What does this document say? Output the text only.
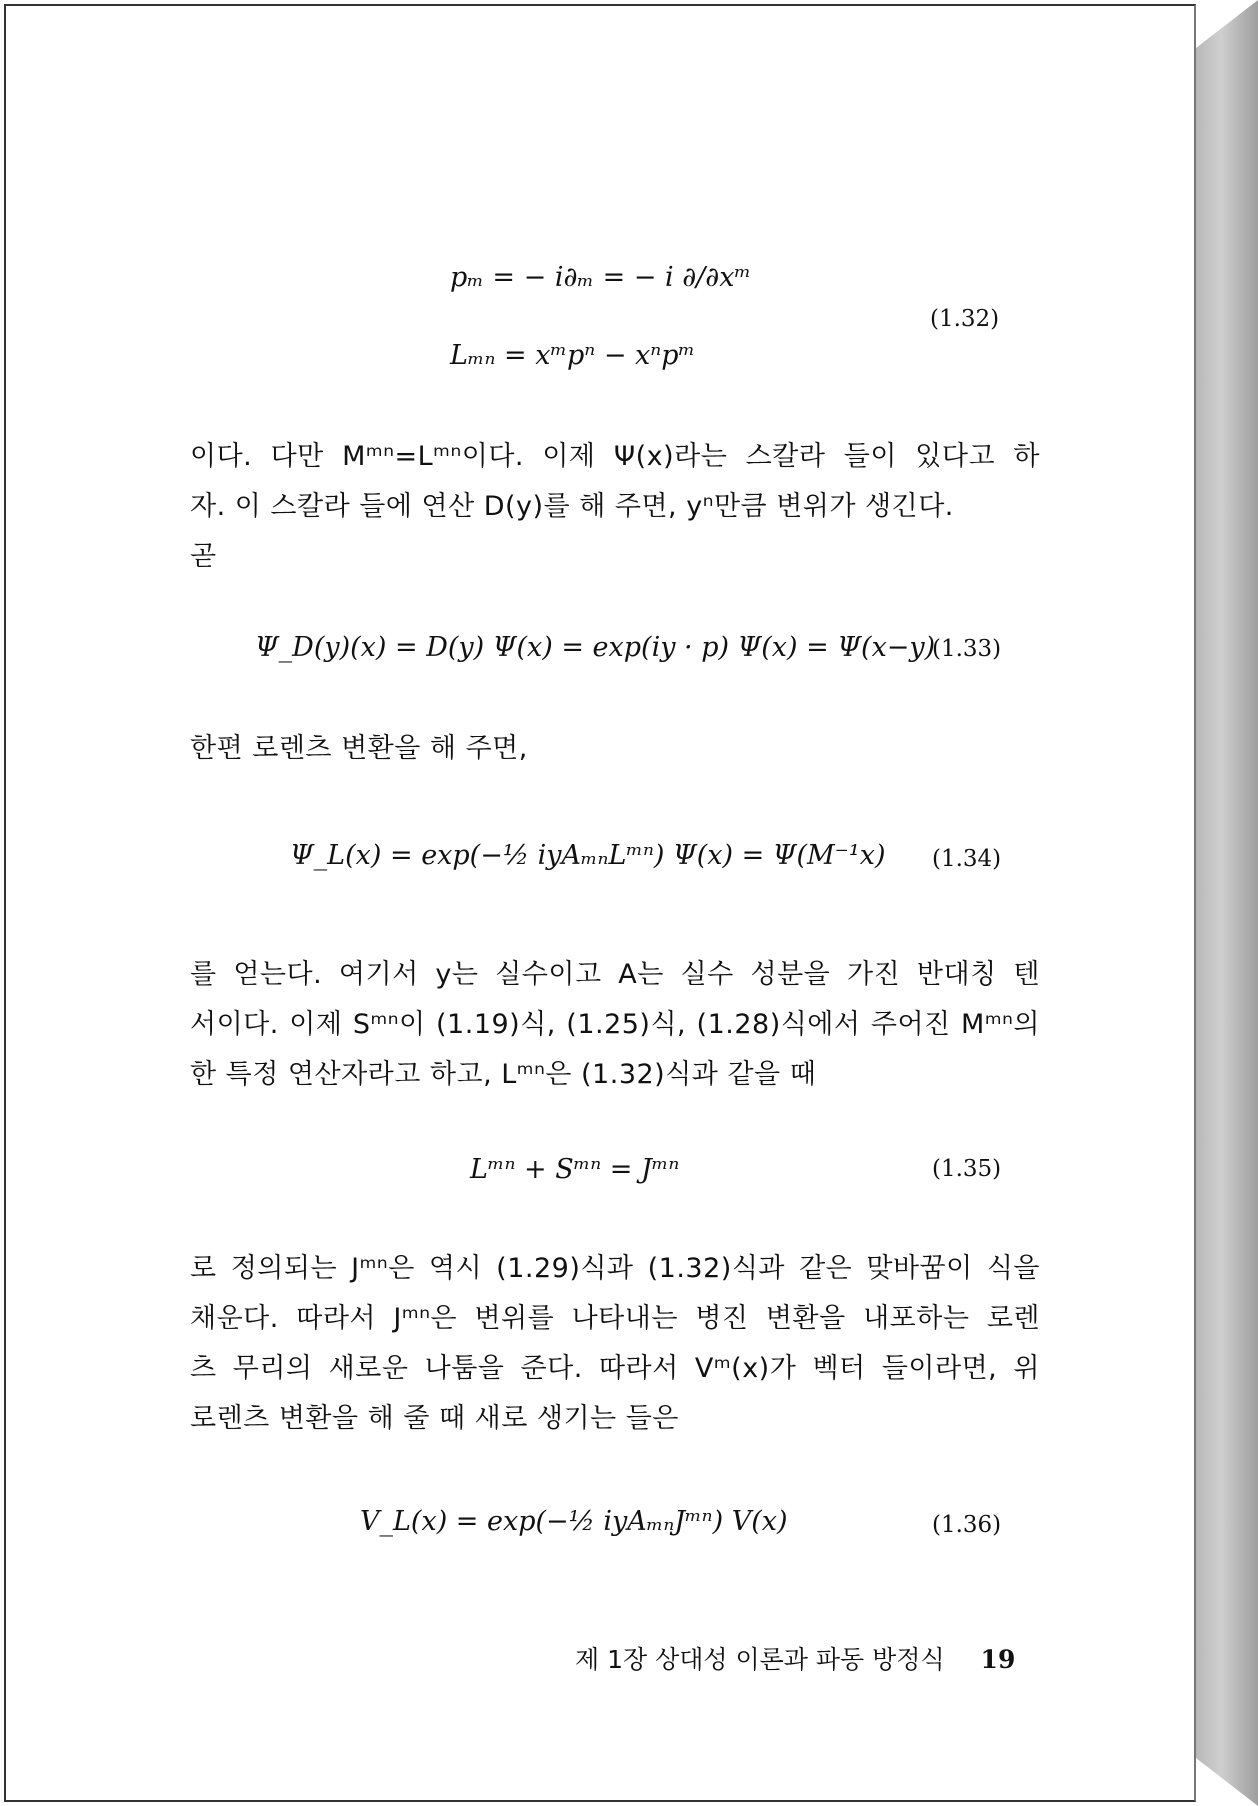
pₘ = − i∂ₘ = − i ∂/∂xᵐ
Lₘₙ = xᵐpⁿ − xⁿpᵐ
(1.32)
이다. 다만 Mᵐⁿ=Lᵐⁿ이다. 이제 Ψ(x)라는 스칼라 들이 있다고 하
자. 이 스칼라 들에 연산 D(y)를 해 주면, yⁿ만큼 변위가 생긴다.
곧
Ψ_D(y)(x) = D(y) Ψ(x) = exp(iy · p) Ψ(x) = Ψ(x−y)
(1.33)
한편 로렌츠 변환을 해 주면,
Ψ_L(x) = exp(−½ iyAₘₙLᵐⁿ) Ψ(x) = Ψ(M⁻¹x) (1.34)
를 얻는다. 여기서 y는 실수이고 A는 실수 성분을 가진 반대칭 텐
서이다. 이제 Sᵐⁿ이 (1.19)식, (1.25)식, (1.28)식에서 주어진 Mᵐⁿ의
한 특정 연산자라고 하고, Lᵐⁿ은 (1.32)식과 같을 때
Lᵐⁿ + Sᵐⁿ = Jᵐⁿ	(1.35)
로 정의되는 Jᵐⁿ은 역시 (1.29)식과 (1.32)식과 같은 맞바꿈이 식을
채운다. 따라서 Jᵐⁿ은 변위를 나타내는 병진 변환을 내포하는 로렌
츠 무리의 새로운 나툼을 준다. 따라서 Vᵐ(x)가 벡터 들이라면, 위
로렌츠 변환을 해 줄 때 새로 생기는 들은
V_L(x) = exp(−½ iyAₘₙJᵐⁿ) V(x)	(1.36)
제 1장 상대성 이론과 파동 방정식 19
